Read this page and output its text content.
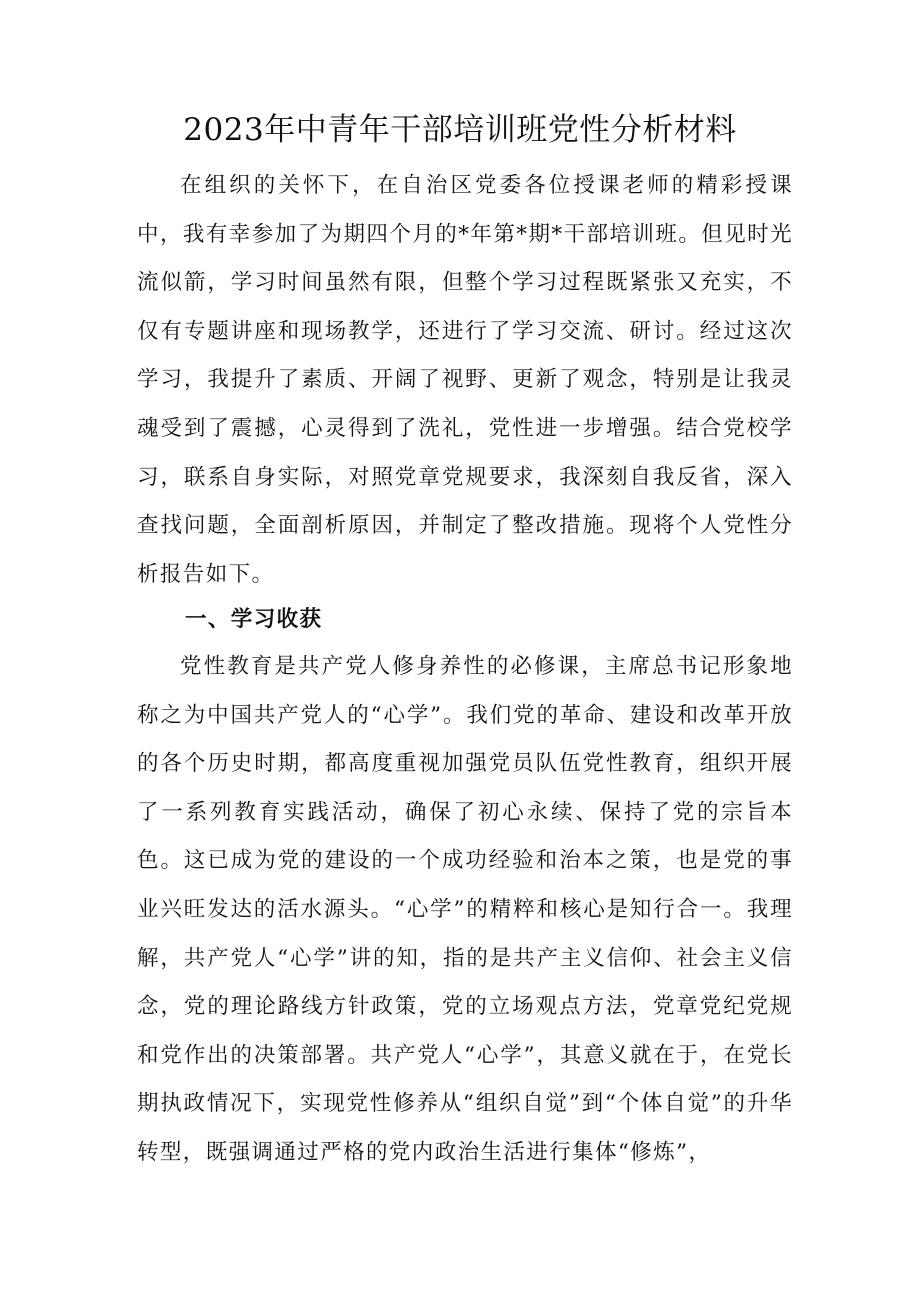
2023年中青年干部培训班党性分析材料

在组织的关怀下，在自治区党委各位授课老师的精彩授课中，我有幸参加了为期四个月的*年第*期*干部培训班。但见时光流似箭，学习时间虽然有限，但整个学习过程既紧张又充实，不仅有专题讲座和现场教学，还进行了学习交流、研讨。经过这次学习，我提升了素质、开阔了视野、更新了观念，特别是让我灵魂受到了震撼，心灵得到了洗礼，党性进一步增强。结合党校学习，联系自身实际，对照党章党规要求，我深刻自我反省，深入查找问题，全面剖析原因，并制定了整改措施。现将个人党性分析报告如下。

一、学习收获

党性教育是共产党人修身养性的必修课，主席总书记形象地称之为中国共产党人的“心学”。我们党的革命、建设和改革开放的各个历史时期，都高度重视加强党员队伍党性教育，组织开展了一系列教育实践活动，确保了初心永续、保持了党的宗旨本色。这已成为党的建设的一个成功经验和治本之策，也是党的事业兴旺发达的活水源头。“心学”的精粹和核心是知行合一。我理解，共产党人“心学”讲的知，指的是共产主义信仰、社会主义信念，党的理论路线方针政策，党的立场观点方法，党章党纪党规和党作出的决策部署。共产党人“心学”，其意义就在于，在党长期执政情况下，实现党性修养从“组织自觉”到“个体自觉”的升华转型，既强调通过严格的党内政治生活进行集体“修炼”，
